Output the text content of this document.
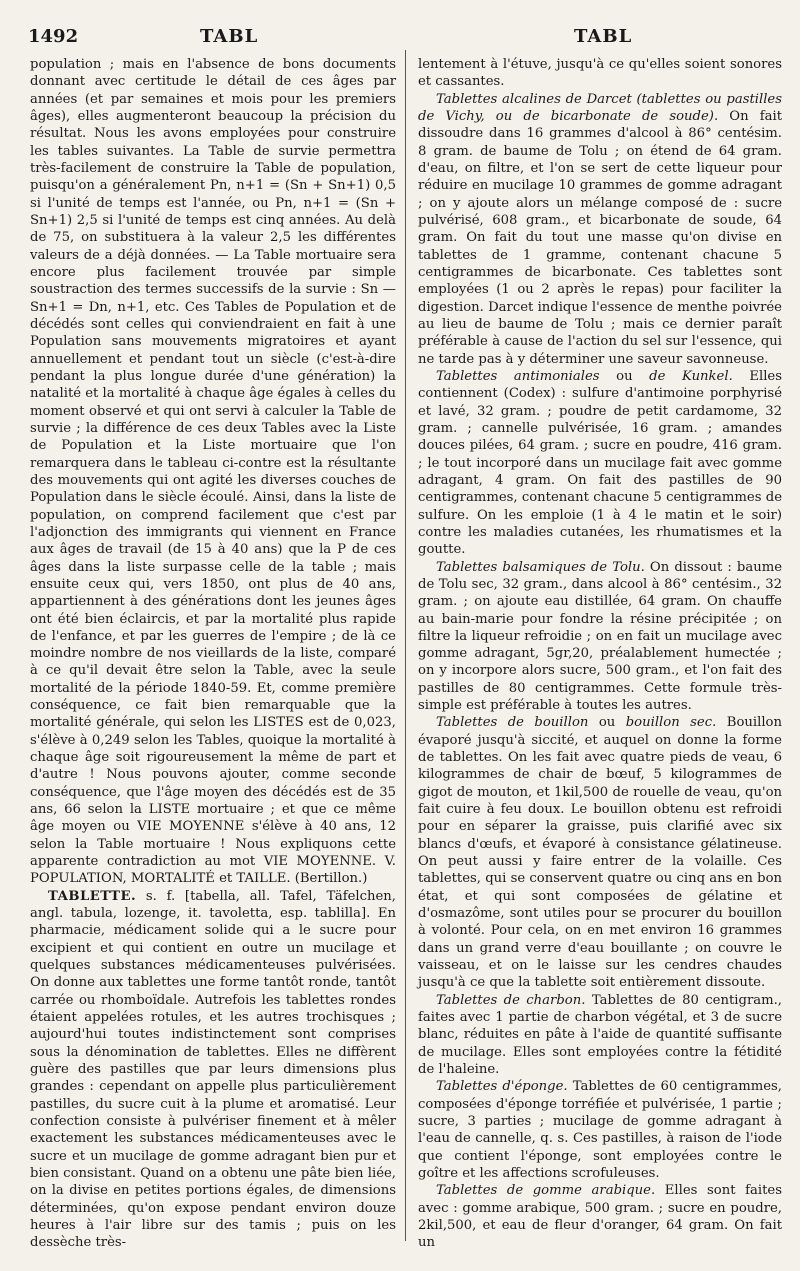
1492	TABL	TABL

population ; mais en l'absence de bons documents donnant avec certitude le détail de ces âges par années (et par semaines et mois pour les premiers âges), elles augmenteront beaucoup la précision du résultat. Nous les avons employées pour construire les tables suivantes. La Table de survie permettra très-facilement de construire la Table de population, puisqu'on a généralement Pn, n+1 = (Sn + Sn+1) 0,5 si l'unité de temps est l'année, ou Pn, n+1 = (Sn + Sn+1) 2,5 si l'unité de temps est cinq années. Au delà de 75, on substituera à la valeur 2,5 les différentes valeurs de a déjà données. — La Table mortuaire sera encore plus facilement trouvée par simple soustraction des termes successifs de la survie : Sn — Sn+1 = Dn, n+1, etc. Ces Tables de Population et de décédés sont celles qui conviendraient en fait à une Population sans mouvements migratoires et ayant annuellement et pendant tout un siècle (c'est-à-dire pendant la plus longue durée d'une génération) la natalité et la mortalité à chaque âge égales à celles du moment observé et qui ont servi à calculer la Table de survie ; la différence de ces deux Tables avec la Liste de Population et la Liste mortuaire que l'on remarquera dans le tableau ci-contre est la résultante des mouvements qui ont agité les diverses couches de Population dans le siècle écoulé. Ainsi, dans la liste de population, on comprend facilement que c'est par l'adjonction des immigrants qui viennent en France aux âges de travail (de 15 à 40 ans) que la P de ces âges dans la liste surpasse celle de la table ; mais ensuite ceux qui, vers 1850, ont plus de 40 ans, appartiennent à des générations dont les jeunes âges ont été bien éclaircis, et par la mortalité plus rapide de l'enfance, et par les guerres de l'empire ; de là ce moindre nombre de nos vieillards de la liste, comparé à ce qu'il devait être selon la Table, avec la seule mortalité de la période 1840-59. Et, comme première conséquence, ce fait bien remarquable que la mortalité générale, qui selon les LISTES est de 0,023, s'élève à 0,249 selon les Tables, quoique la mortalité à chaque âge soit rigoureusement la même de part et d'autre ! Nous pouvons ajouter, comme seconde conséquence, que l'âge moyen des décédés est de 35 ans, 66 selon la LISTE mortuaire ; et que ce même âge moyen ou VIE MOYENNE s'élève à 40 ans, 12 selon la Table mortuaire ! Nous expliquons cette apparente contradiction au mot VIE MOYENNE. V. POPULATION, MORTALITÉ et TAILLE. (Bertillon.)

TABLETTE. s. f. [tabella, all. Tafel, Täfelchen, angl. tabula, lozenge, it. tavoletta, esp. tablilla]. En pharmacie, médicament solide qui a le sucre pour excipient et qui contient en outre un mucilage et quelques substances médicamenteuses pulvérisées. On donne aux tablettes une forme tantôt ronde, tantôt carrée ou rhomboïdale. Autrefois les tablettes rondes étaient appelées rotules, et les autres trochisques ; aujourd'hui toutes indistinctement sont comprises sous la dénomination de tablettes. Elles ne diffèrent guère des pastilles que par leurs dimensions plus grandes : cependant on appelle plus particulièrement pastilles, du sucre cuit à la plume et aromatisé. Leur confection consiste à pulvériser finement et à mêler exactement les substances médicamenteuses avec le sucre et un mucilage de gomme adragant bien pur et bien consistant. Quand on a obtenu une pâte bien liée, on la divise en petites portions égales, de dimensions déterminées, qu'on expose pendant environ douze heures à l'air libre sur des tamis ; puis on les dessèche très-

lentement à l'étuve, jusqu'à ce qu'elles soient sonores et cassantes.

Tablettes alcalines de Darcet (tablettes ou pastilles de Vichy, ou de bicarbonate de soude). On fait dissoudre dans 16 grammes d'alcool à 86° centésim. 8 gram. de baume de Tolu ; on étend de 64 gram. d'eau, on filtre, et l'on se sert de cette liqueur pour réduire en mucilage 10 grammes de gomme adragant ; on y ajoute alors un mélange composé de : sucre pulvérisé, 608 gram., et bicarbonate de soude, 64 gram. On fait du tout une masse qu'on divise en tablettes de 1 gramme, contenant chacune 5 centigrammes de bicarbonate. Ces tablettes sont employées (1 ou 2 après le repas) pour faciliter la digestion. Darcet indique l'essence de menthe poivrée au lieu de baume de Tolu ; mais ce dernier paraît préférable à cause de l'action du sel sur l'essence, qui ne tarde pas à y déterminer une saveur savonneuse.

Tablettes antimoniales ou de Kunkel. Elles contiennent (Codex) : sulfure d'antimoine porphyrisé et lavé, 32 gram. ; poudre de petit cardamome, 32 gram. ; cannelle pulvérisée, 16 gram. ; amandes douces pilées, 64 gram. ; sucre en poudre, 416 gram. ; le tout incorporé dans un mucilage fait avec gomme adragant, 4 gram. On fait des pastilles de 90 centigrammes, contenant chacune 5 centigrammes de sulfure. On les emploie (1 à 4 le matin et le soir) contre les maladies cutanées, les rhumatismes et la goutte.

Tablettes balsamiques de Tolu. On dissout : baume de Tolu sec, 32 gram., dans alcool à 86° centésim., 32 gram. ; on ajoute eau distillée, 64 gram. On chauffe au bain-marie pour fondre la résine précipitée ; on filtre la liqueur refroidie ; on en fait un mucilage avec gomme adragant, 5gr,20, préalablement humectée ; on y incorpore alors sucre, 500 gram., et l'on fait des pastilles de 80 centigrammes. Cette formule très-simple est préférable à toutes les autres.

Tablettes de bouillon ou bouillon sec. Bouillon évaporé jusqu'à siccité, et auquel on donne la forme de tablettes. On les fait avec quatre pieds de veau, 6 kilogrammes de chair de bœuf, 5 kilogrammes de gigot de mouton, et 1kil,500 de rouelle de veau, qu'on fait cuire à feu doux. Le bouillon obtenu est refroidi pour en séparer la graisse, puis clarifié avec six blancs d'œufs, et évaporé à consistance gélatineuse. On peut aussi y faire entrer de la volaille. Ces tablettes, qui se conservent quatre ou cinq ans en bon état, et qui sont composées de gélatine et d'osmazôme, sont utiles pour se procurer du bouillon à volonté. Pour cela, on en met environ 16 grammes dans un grand verre d'eau bouillante ; on couvre le vaisseau, et on le laisse sur les cendres chaudes jusqu'à ce que la tablette soit entièrement dissoute.

Tablettes de charbon. Tablettes de 80 centigram., faites avec 1 partie de charbon végétal, et 3 de sucre blanc, réduites en pâte à l'aide de quantité suffisante de mucilage. Elles sont employées contre la fétidité de l'haleine.

Tablettes d'éponge. Tablettes de 60 centigrammes, composées d'éponge torréfiée et pulvérisée, 1 partie ; sucre, 3 parties ; mucilage de gomme adragant à l'eau de cannelle, q. s. Ces pastilles, à raison de l'iode que contient l'éponge, sont employées contre le goître et les affections scrofuleuses.

Tablettes de gomme arabique. Elles sont faites avec : gomme arabique, 500 gram. ; sucre en poudre, 2kil,500, et eau de fleur d'oranger, 64 gram. On fait un
